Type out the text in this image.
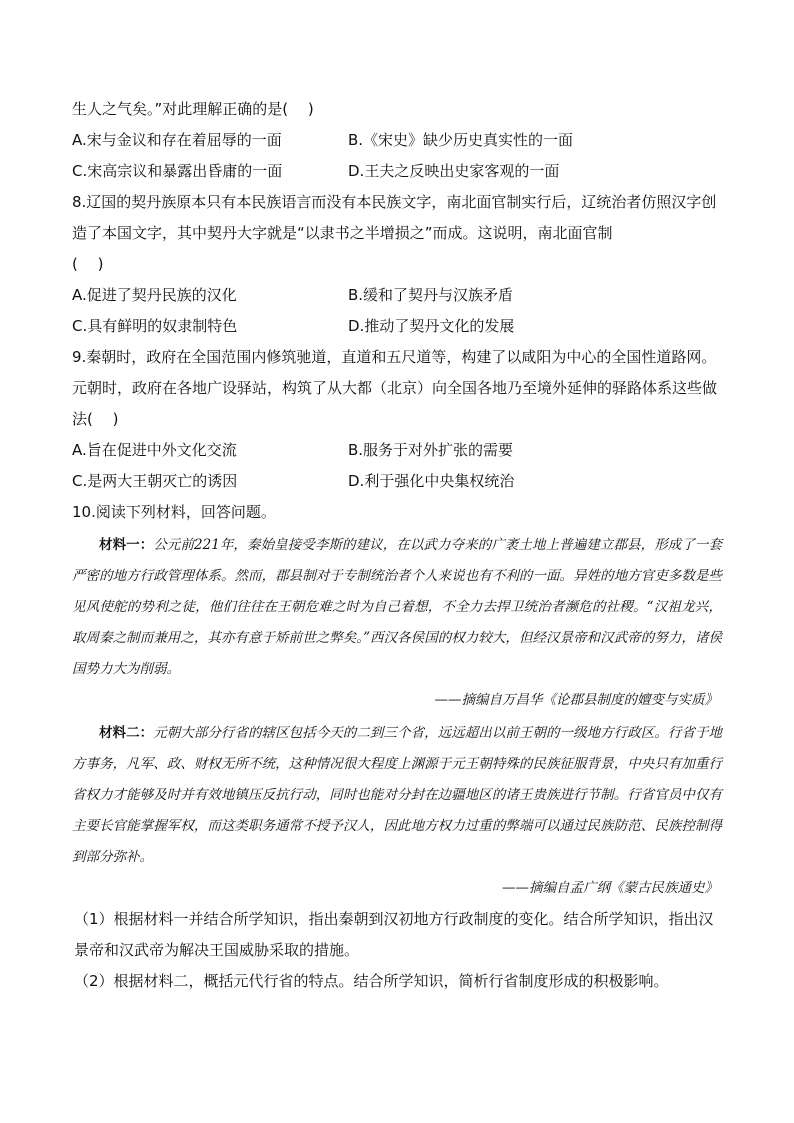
生人之气矣。”对此理解正确的是(　 )
A.宋与金议和存在着屈辱的一面	B.《宋史》缺少历史真实性的一面
C.宋高宗议和暴露出昏庸的一面	D.王夫之反映出史家客观的一面
8.辽国的契丹族原本只有本民族语言而没有本民族文字，南北面官制实行后，辽统治者仿照汉字创造了本国文字，其中契丹大字就是“以隶书之半增损之”而成。这说明，南北面官制
(　 )
A.促进了契丹民族的汉化	B.缓和了契丹与汉族矛盾
C.具有鲜明的奴隶制特色	D.推动了契丹文化的发展
9.秦朝时，政府在全国范围内修筑驰道，直道和五尺道等，构建了以咸阳为中心的全国性道路网。元朝时，政府在各地广设驿站，构筑了从大都（北京）向全国各地乃至境外延伸的驿路体系这些做法(　 )
A.旨在促进中外文化交流	B.服务于对外扩张的需要
C.是两大王朝灭亡的诱因	D.利于强化中央集权统治
10.阅读下列材料，回答问题。
材料一：公元前221年，秦始皇接受李斯的建议，在以武力夺来的广袤土地上普遍建立郡县，形成了一套严密的地方行政管理体系。然而，郡县制对于专制统治者个人来说也有不利的一面。异姓的地方官吏多数是些见风使舵的势利之徒，他们往往在王朝危难之时为自己着想，不全力去捍卫统治者濒危的社稷。“汉祖龙兴，取周秦之制而兼用之，其亦有意于矫前世之弊矣。”西汉各侯国的权力较大，但经汉景帝和汉武帝的努力，诸侯国势力大为削弱。
——摘编自万昌华《论郡县制度的嬗变与实质》
材料二：元朝大部分行省的辖区包括今天的二到三个省，远远超出以前王朝的一级地方行政区。行省于地方事务，凡军、政、财权无所不统，这种情况很大程度上渊源于元王朝特殊的民族征服背景，中央只有加重行省权力才能够及时并有效地镇压反抗行动，同时也能对分封在边疆地区的诸王贵族进行节制。行省官员中仅有主要长官能掌握军权，而这类职务通常不授予汉人，因此地方权力过重的弊端可以通过民族防范、民族控制得到部分弥补。
——摘编自孟广纲《蒙古民族通史》
（1）根据材料一并结合所学知识，指出秦朝到汉初地方行政制度的变化。结合所学知识，指出汉景帝和汉武帝为解决王国威胁采取的措施。
（2）根据材料二，概括元代行省的特点。结合所学知识，简析行省制度形成的积极影响。
